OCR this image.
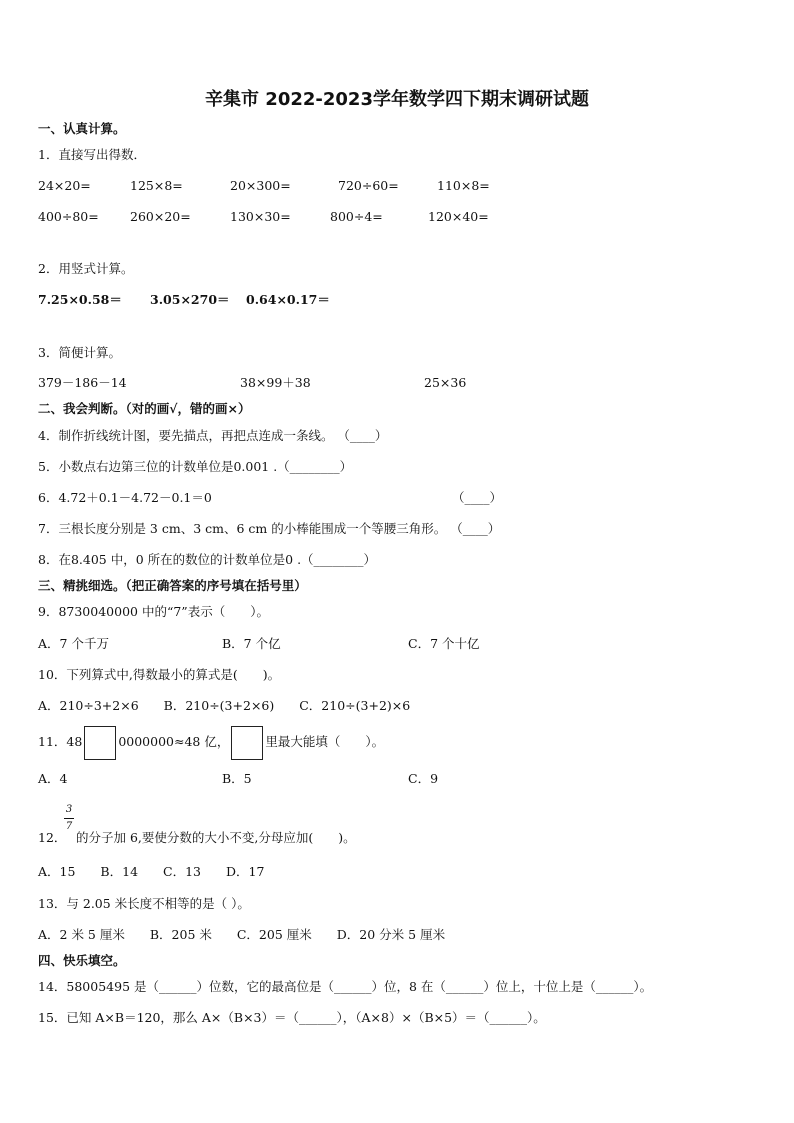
辛集市 2022-2023学年数学四下期末调研试题
一、认真计算。
1．直接写出得数．
24×20=	125×8=	20×300=	720÷60=	110×8=
400÷80=	260×20=	130×30=	800÷4=	120×40=
2．用竖式计算。
7.25×0.58＝ 3.05×270＝ 0.64×0.17＝
3．简便计算。
379－186－14	38×99＋38	25×36
二、我会判断。（对的画√，错的画×）
4．制作折线统计图，要先描点，再把点连成一条线。 （____）
5．小数点右边第三位的计数单位是0.001 .（________）
6．4.72＋0.1－4.72－0.1＝0	（____）
7．三根长度分别是 3 cm、3 cm、6 cm 的小棒能围成一个等腰三角形。 （____）
8．在8.405 中，0 所在的数位的计数单位是0 .（________）
三、精挑细选。（把正确答案的序号填在括号里）
9．8730040000 中的“7”表示（　　）。
A．7 个千万	B．7 个亿	C．7 个十亿
10．下列算式中,得数最小的算式是(　　)。
A．210÷3+2×6　　B．210÷(3+2×6)　　C．210÷(3+2)×6
11．48	0000000≈48 亿，	里最大能填（　　）。
A．4	B．5	C．9
3
7
12． 的分子加 6,要使分数的大小不变,分母应加(　　)。
A．15　　B．14　　C．13　　D．17
13．与 2.05 米长度不相等的是（ ）。
A．2 米 5 厘米　　B．205 米　　C．205 厘米　　D．20 分米 5 厘米
四、快乐填空。
14．58005495 是（______）位数，它的最高位是（______）位，8 在（______）位上，十位上是（______）。
15．已知 A×B＝120，那么 A×（B×3）＝（______），（A×8）×（B×5）＝（______）。
